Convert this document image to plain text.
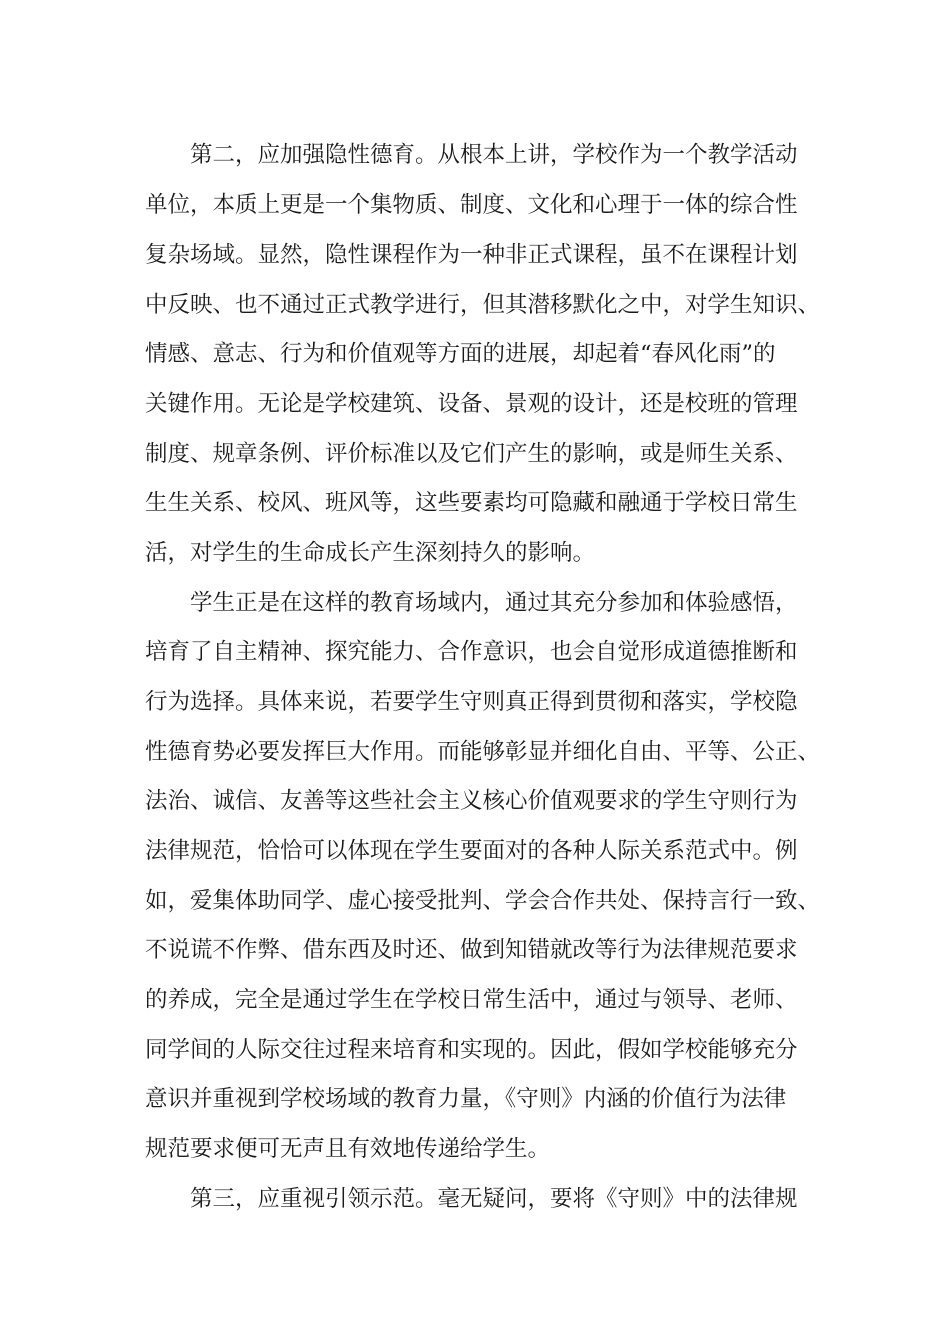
第二，应加强隐性德育。从根本上讲，学校作为一个教学活动
单位，本质上更是一个集物质、制度、文化和心理于一体的综合性
复杂场域。显然，隐性课程作为一种非正式课程，虽不在课程计划
中反映、也不通过正式教学进行，但其潜移默化之中，对学生知识、
情感、意志、行为和价值观等方面的进展，却起着“春风化雨”的
关键作用。无论是学校建筑、设备、景观的设计，还是校班的管理
制度、规章条例、评价标准以及它们产生的影响，或是师生关系、
生生关系、校风、班风等，这些要素均可隐藏和融通于学校日常生
活，对学生的生命成长产生深刻持久的影响。
学生正是在这样的教育场域内，通过其充分参加和体验感悟，
培育了自主精神、探究能力、合作意识，也会自觉形成道德推断和
行为选择。具体来说，若要学生守则真正得到贯彻和落实，学校隐
性德育势必要发挥巨大作用。而能够彰显并细化自由、平等、公正、
法治、诚信、友善等这些社会主义核心价值观要求的学生守则行为
法律规范，恰恰可以体现在学生要面对的各种人际关系范式中。例
如，爱集体助同学、虚心接受批判、学会合作共处、保持言行一致、
不说谎不作弊、借东西及时还、做到知错就改等行为法律规范要求
的养成，完全是通过学生在学校日常生活中，通过与领导、老师、
同学间的人际交往过程来培育和实现的。因此，假如学校能够充分
意识并重视到学校场域的教育力量，《守则》内涵的价值行为法律
规范要求便可无声且有效地传递给学生。
第三，应重视引领示范。毫无疑问，要将《守则》中的法律规
